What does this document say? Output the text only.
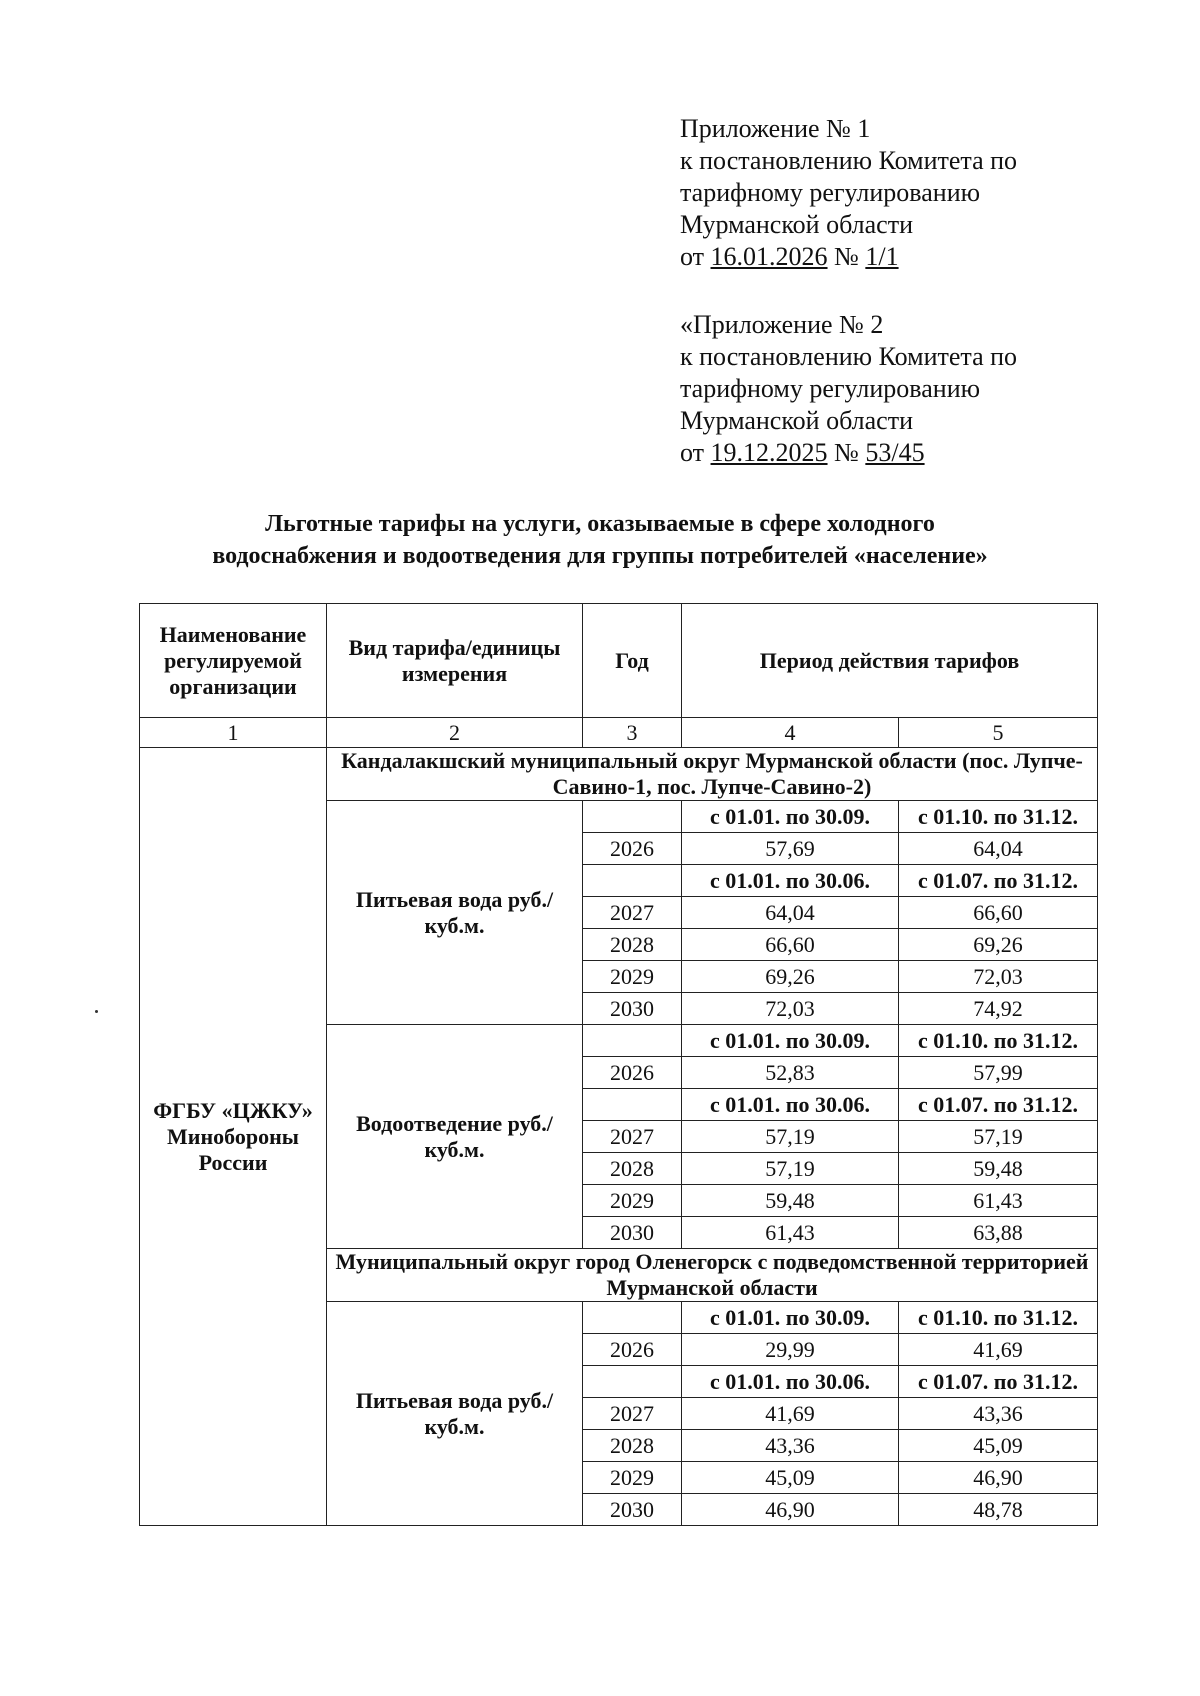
Приложение № 1
к постановлению Комитета по
тарифному регулированию
Мурманской области
от 16.01.2026 № 1/1
«Приложение № 2
к постановлению Комитета по
тарифному регулированию
Мурманской области
от 19.12.2025 № 53/45
Льготные тарифы на услуги, оказываемые в сфере холодного
водоснабжения и водоотведения для группы потребителей «население»
Наименование регулируемой организации	Вид тарифа/единицы измерения	Год	Период действия тарифов	
1	2	3	4	5
ФГБУ «ЦЖКУ» Минобороны России	Кандалакшский муниципальный округ Мурманской области (пос. Лупче-Савино-1, пос. Лупче-Савино-2)			
	Питьевая вода руб./куб.м.		с 01.01. по 30.09.	с 01.10. по 31.12.
		2026	57,69	64,04
			с 01.01. по 30.06.	с 01.07. по 31.12.
		2027	64,04	66,60
		2028	66,60	69,26
		2029	69,26	72,03
		2030	72,03	74,92
	Водоотведение руб./куб.м.		с 01.01. по 30.09.	с 01.10. по 31.12.
		2026	52,83	57,99
			с 01.01. по 30.06.	с 01.07. по 31.12.
		2027	57,19	57,19
		2028	57,19	59,48
		2029	59,48	61,43
		2030	61,43	63,88
	Муниципальный округ город Оленегорск с подведомственной территорией Мурманской области			
	Питьевая вода руб./куб.м.		с 01.01. по 30.09.	с 01.10. по 31.12.
		2026	29,99	41,69
			с 01.01. по 30.06.	с 01.07. по 31.12.
		2027	41,69	43,36
		2028	43,36	45,09
		2029	45,09	46,90
		2030	46,90	48,78
